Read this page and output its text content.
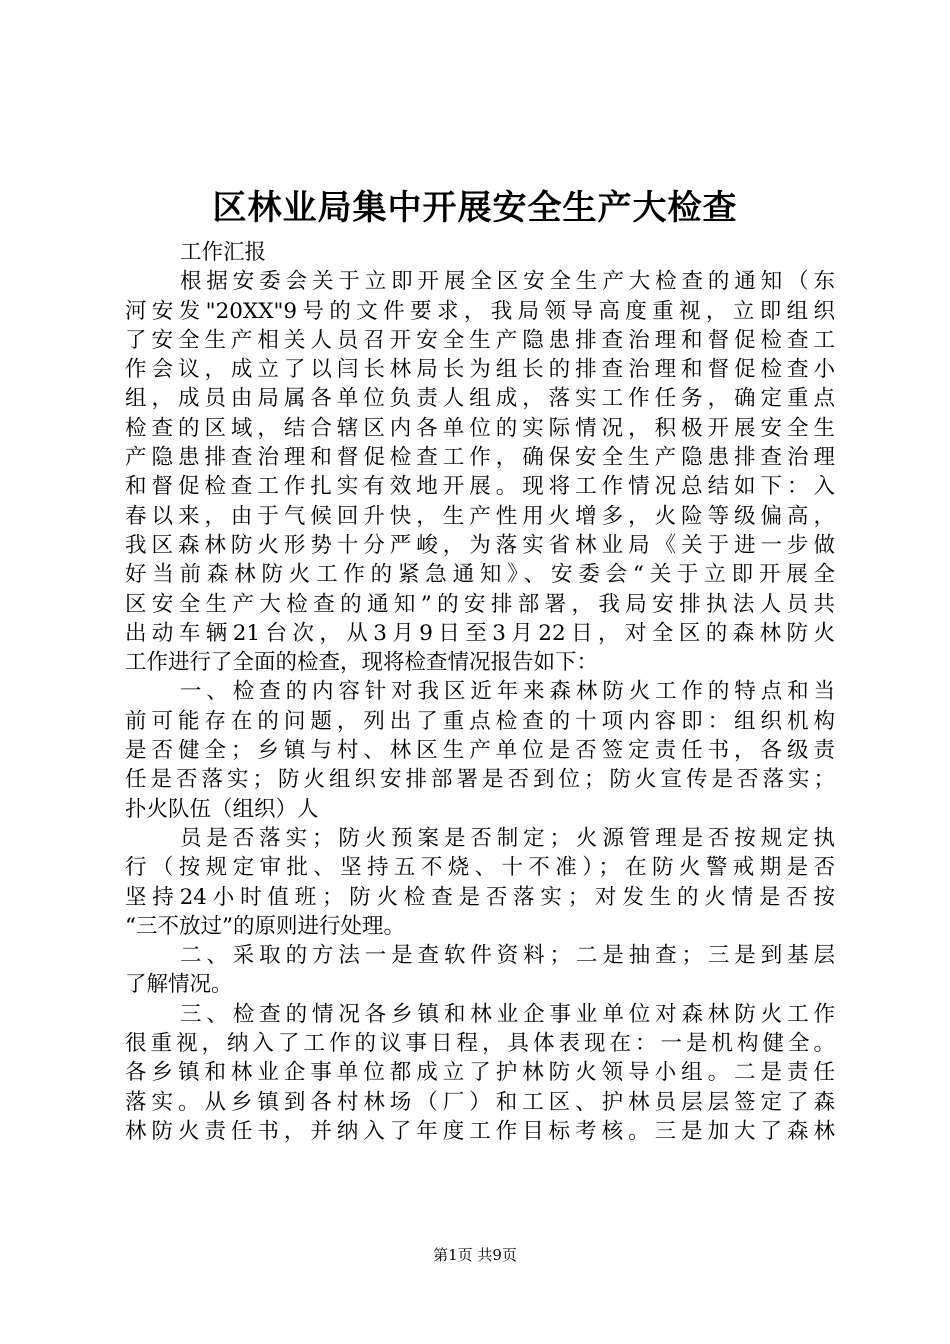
区林业局集中开展安全生产大检查
工作汇报
根据安委会关于立即开展全区安全生产大检查的通知（东
河安发"20XX"9号的文件要求，我局领导高度重视，立即组织
了安全生产相关人员召开安全生产隐患排查治理和督促检查工
作会议，成立了以闫长林局长为组长的排查治理和督促检查小
组，成员由局属各单位负责人组成，落实工作任务，确定重点
检查的区域，结合辖区内各单位的实际情况，积极开展安全生
产隐患排查治理和督促检查工作，确保安全生产隐患排查治理
和督促检查工作扎实有效地开展。现将工作情况总结如下：入
春以来，由于气候回升快，生产性用火增多，火险等级偏高，
我区森林防火形势十分严峻，为落实省林业局《关于进一步做
好当前森林防火工作的紧急通知》、安委会“关于立即开展全
区安全生产大检查的通知”的安排部署，我局安排执法人员共
出动车辆21台次，从3月9日至3月22日，对全区的森林防火
工作进行了全面的检查，现将检查情况报告如下：
一、检查的内容针对我区近年来森林防火工作的特点和当
前可能存在的问题，列出了重点检查的十项内容即：组织机构
是否健全；乡镇与村、林区生产单位是否签定责任书，各级责
任是否落实；防火组织安排部署是否到位；防火宣传是否落实；
扑火队伍（组织）人
员是否落实；防火预案是否制定；火源管理是否按规定执
行（按规定审批、坚持五不烧、十不准）；在防火警戒期是否
坚持24小时值班；防火检查是否落实；对发生的火情是否按
“三不放过”的原则进行处理。
二、采取的方法一是查软件资料；二是抽查；三是到基层
了解情况。
三、检查的情况各乡镇和林业企事业单位对森林防火工作
很重视，纳入了工作的议事日程，具体表现在：一是机构健全。
各乡镇和林业企事单位都成立了护林防火领导小组。二是责任
落实。从乡镇到各村林场（厂）和工区、护林员层层签定了森
林防火责任书，并纳入了年度工作目标考核。三是加大了森林
第1页 共9页
